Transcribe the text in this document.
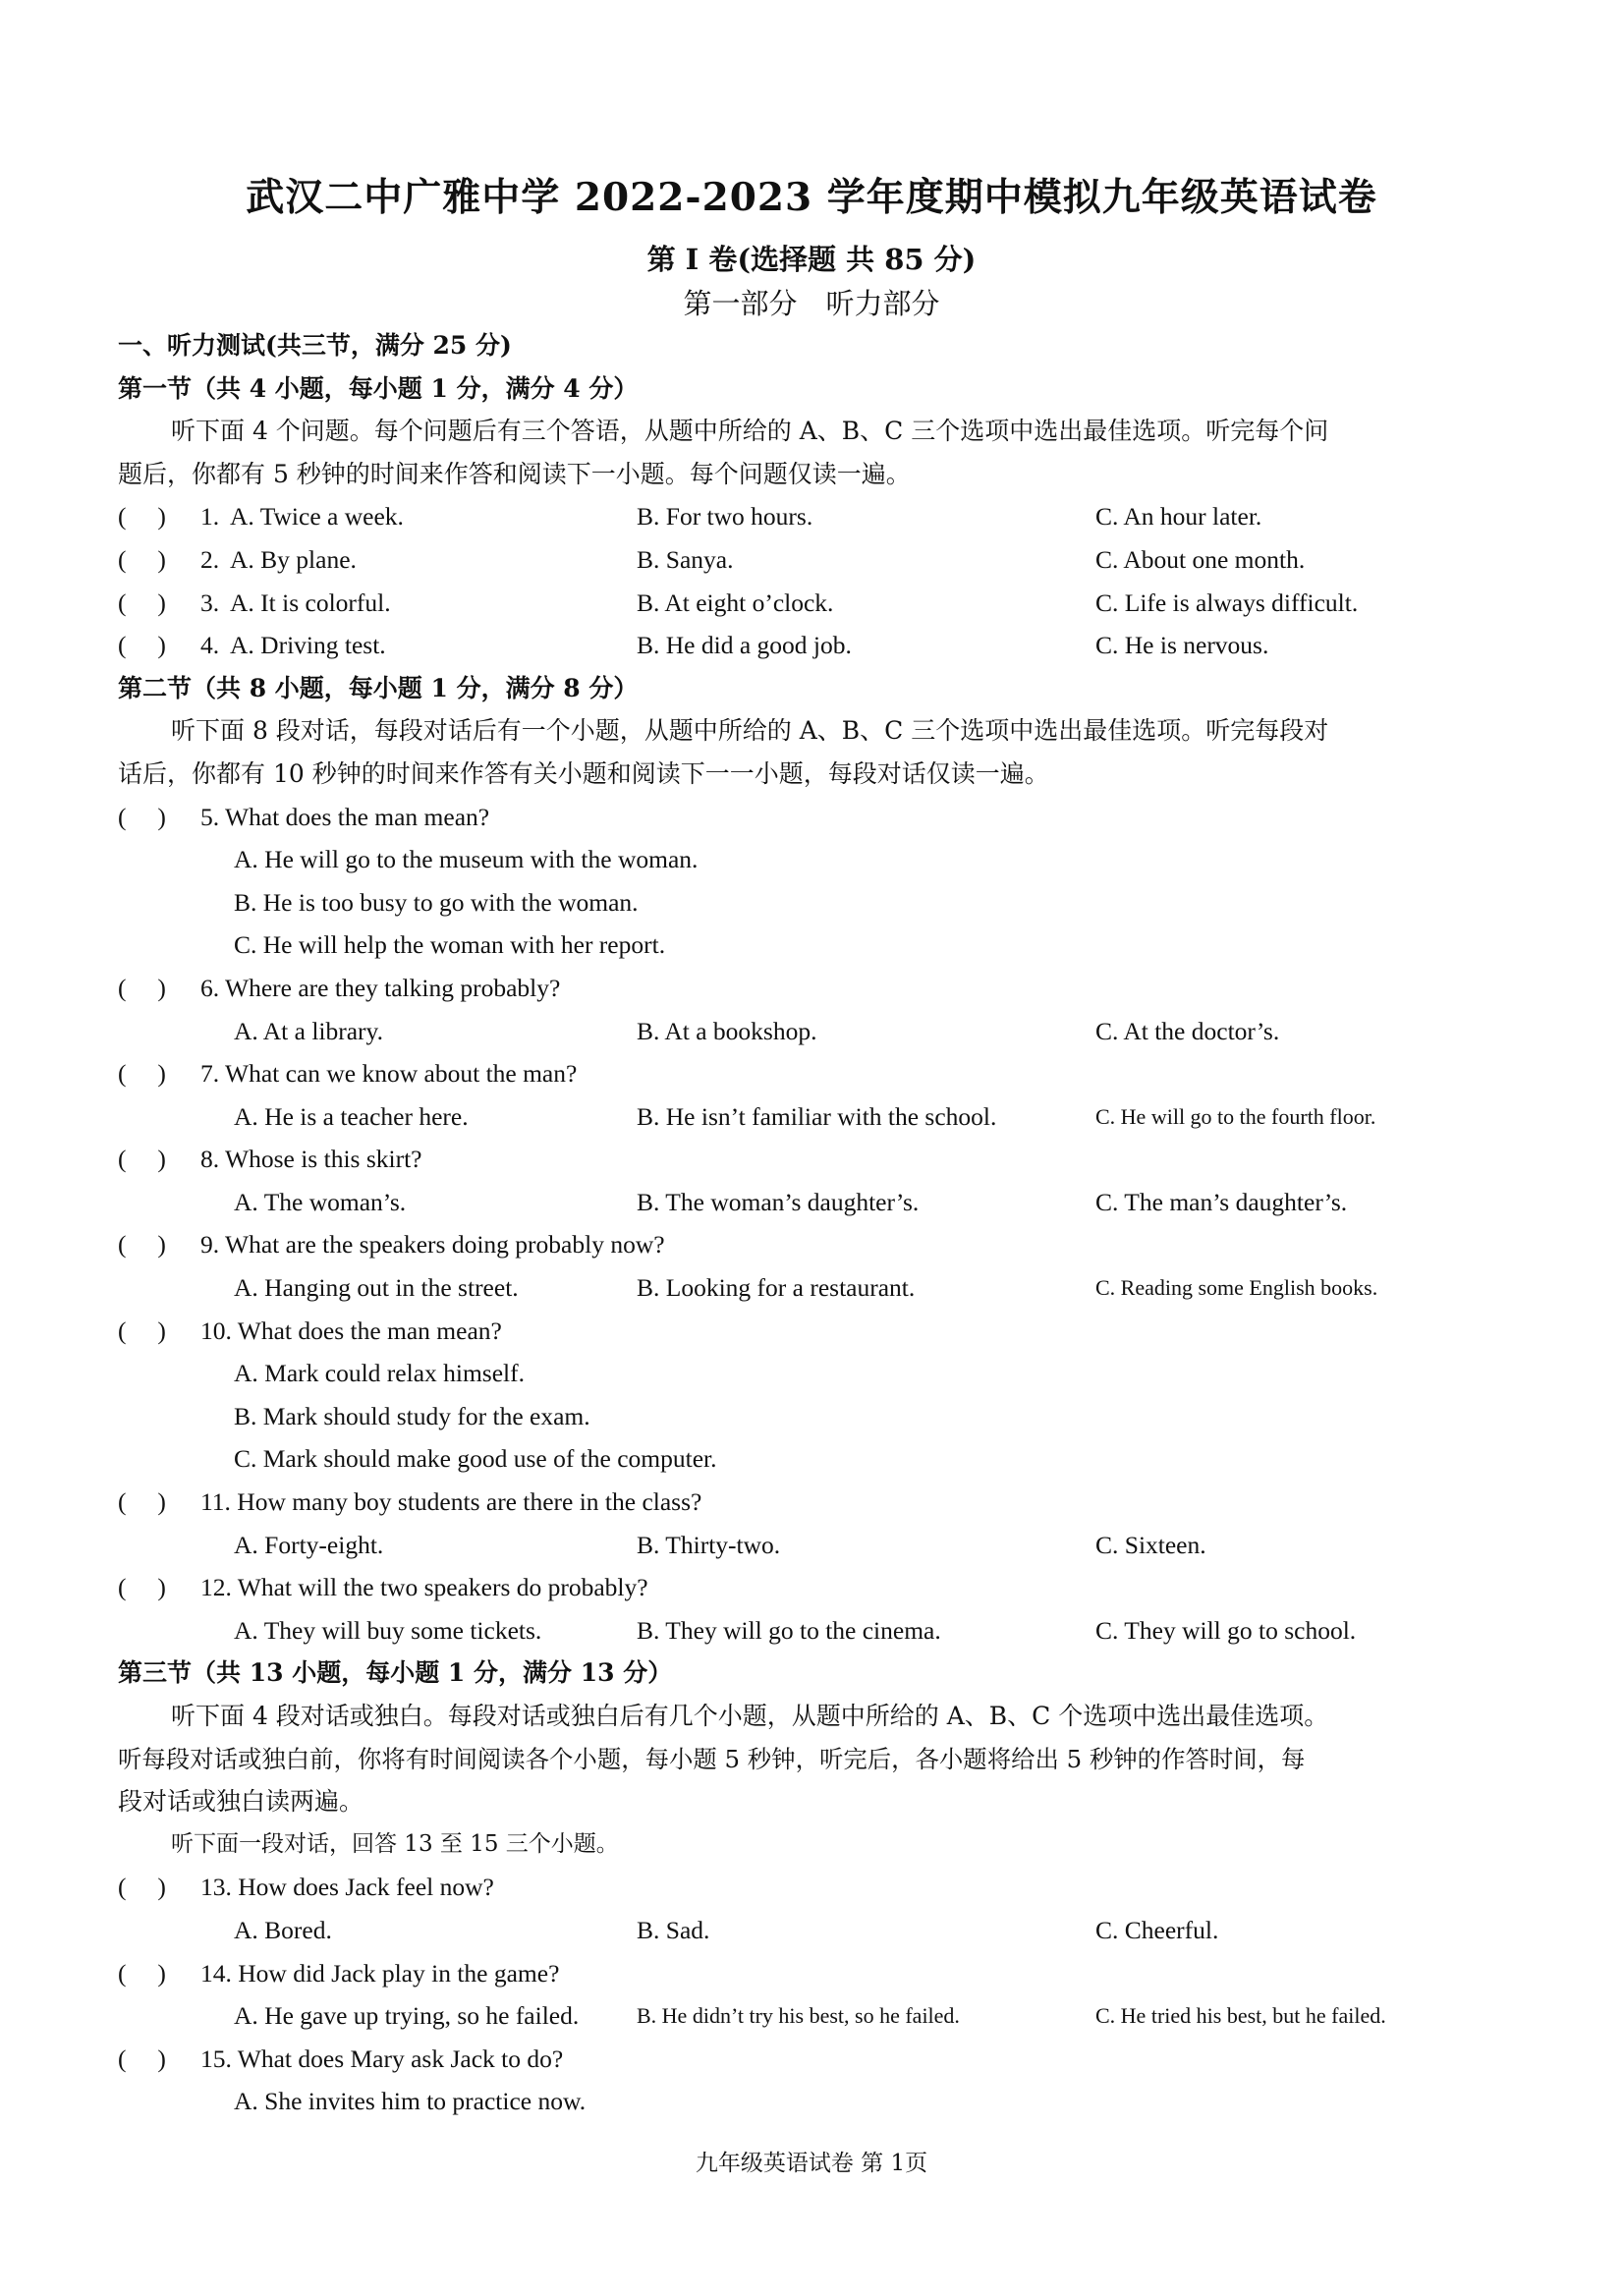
武汉二中广雅中学 2022-2023 学年度期中模拟九年级英语试卷
第 I 卷(选择题 共 85 分)
第一部分　听力部分
一、听力测试(共三节，满分 25 分)
第一节（共 4 小题，每小题 1 分，满分 4 分）
听下面 4 个问题。每个问题后有三个答语，从题中所给的 A、B、C 三个选项中选出最佳选项。听完每个问
题后，你都有 5 秒钟的时间来作答和阅读下一小题。每个问题仅读一遍。
(　 ) 1. A. Twice a week.	B. For two hours.	C. An hour later.
(　 ) 2. A. By plane.	B. Sanya.	C. About one month.
(　 ) 3. A. It is colorful.	B. At eight o’clock.	C. Life is always difficult.
(　 ) 4. A. Driving test.	B. He did a good job.	C. He is nervous.
第二节（共 8 小题，每小题 1 分，满分 8 分）
听下面 8 段对话，每段对话后有一个小题，从题中所给的 A、B、C 三个选项中选出最佳选项。听完每段对
话后，你都有 10 秒钟的时间来作答有关小题和阅读下一一小题，每段对话仅读一遍。
(　 ) 5. What does the man mean?
A. He will go to the museum with the woman.
B. He is too busy to go with the woman.
C. He will help the woman with her report.
(　 ) 6. Where are they talking probably?
A. At a library.	B. At a bookshop.	C. At the doctor’s.
(　 ) 7. What can we know about the man?
A. He is a teacher here.	B. He isn’t familiar with the school.	C. He will go to the fourth floor.
(　 ) 8. Whose is this skirt?
A. The woman’s.	B. The woman’s daughter’s.	C. The man’s daughter’s.
(　 ) 9. What are the speakers doing probably now?
A. Hanging out in the street.	B. Looking for a restaurant.	C. Reading some English books.
(　 ) 10. What does the man mean?
A. Mark could relax himself.
B. Mark should study for the exam.
C. Mark should make good use of the computer.
(　 ) 11. How many boy students are there in the class?
A. Forty-eight.	B. Thirty-two.	C. Sixteen.
(　 ) 12. What will the two speakers do probably?
A. They will buy some tickets.	B. They will go to the cinema.	C. They will go to school.
第三节（共 13 小题，每小题 1 分，满分 13 分）
听下面 4 段对话或独白。每段对话或独白后有几个小题，从题中所给的 A、B、C 个选项中选出最佳选项。
听每段对话或独白前，你将有时间阅读各个小题，每小题 5 秒钟，听完后，各小题将给出 5 秒钟的作答时间，每
段对话或独白读两遍。
听下面一段对话，回答 13 至 15 三个小题。
(　 ) 13. How does Jack feel now?
A. Bored.	B. Sad.	C. Cheerful.
(　 ) 14. How did Jack play in the game?
A. He gave up trying, so he failed.	B. He didn’t try his best, so he failed.	C. He tried his best, but he failed.
(　 ) 15. What does Mary ask Jack to do?
A. She invites him to practice now.
九年级英语试卷 第 1页
